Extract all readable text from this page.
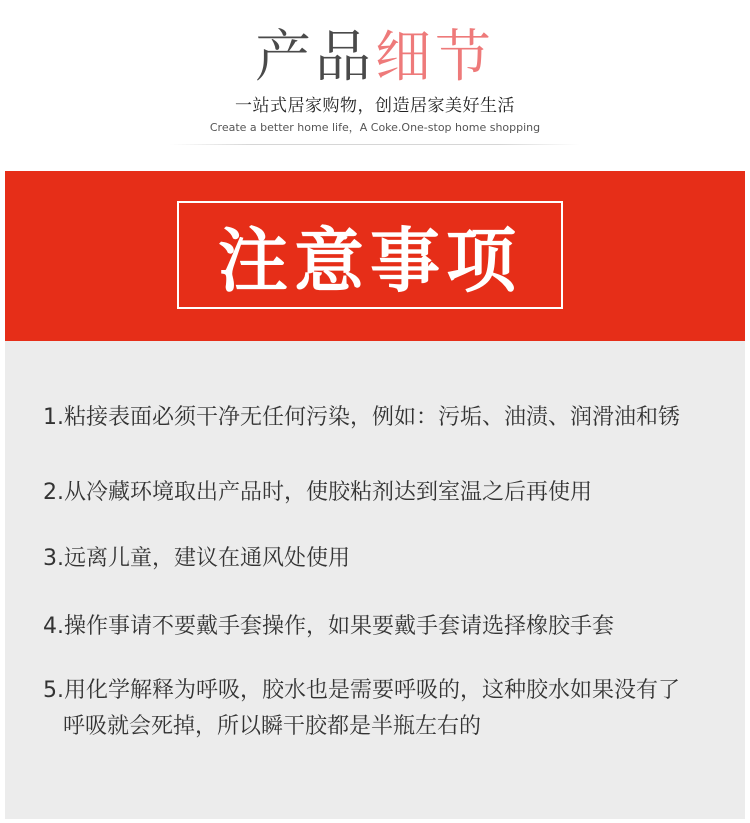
产品细节
一站式居家购物，创造居家美好生活
Create a better home life，A Coke.One-stop home shopping
注意事项
1.粘接表面必须干净无任何污染，例如：污垢、油渍、润滑油和锈
2.从冷藏环境取出产品时，使胶粘剂达到室温之后再使用
3.远离儿童，建议在通风处使用
4.操作事请不要戴手套操作，如果要戴手套请选择橡胶手套
5.用化学解释为呼吸，胶水也是需要呼吸的，这种胶水如果没有了
呼吸就会死掉，所以瞬干胶都是半瓶左右的
